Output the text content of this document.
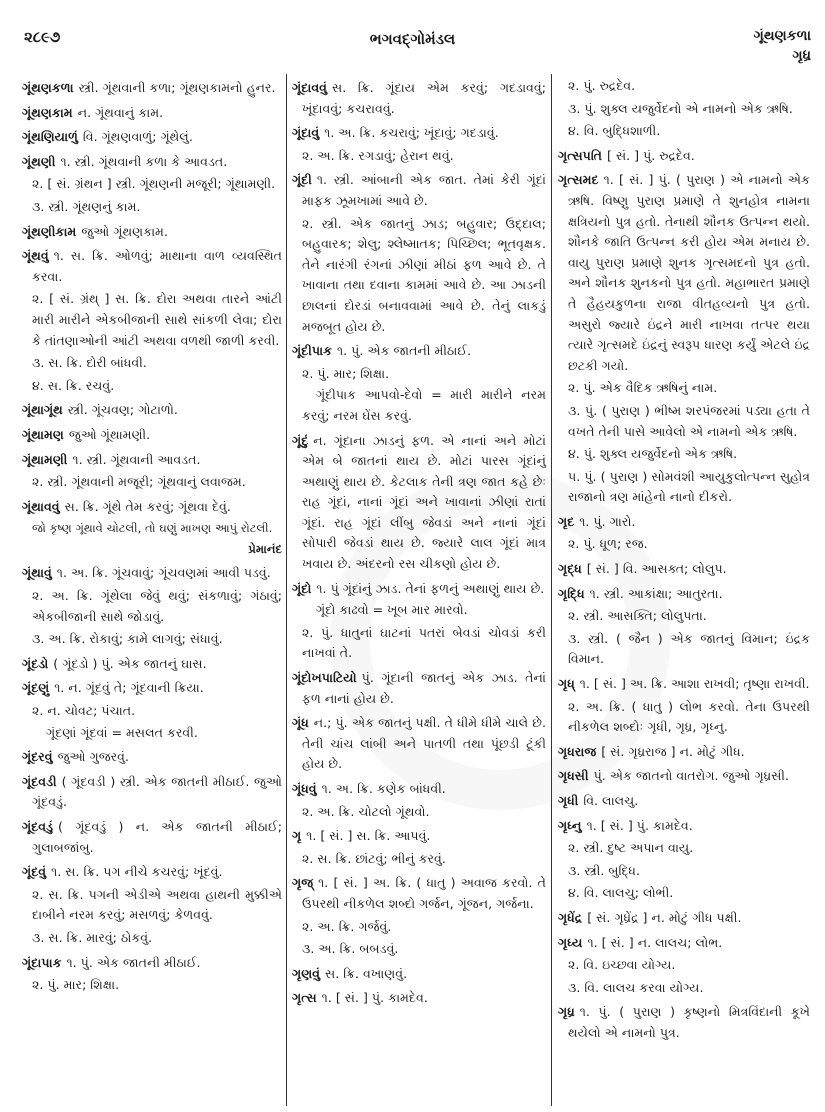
૨૮૯૭	ભગવદ્ગોમંડલ	ગૂંથણકળા
ગૃધ્ર
ગૂંથણકળા સ્ત્રી. ગૂંથવાની કળા; ગૂંથણકામનો હુનર.
ગૂંથણકામ ન. ગૂંથવાનું કામ.
ગૂંથણિયાળું વિ. ગૂંથણવાળું; ગૂંથેલું.
ગૂંથણી ૧. સ્ત્રી. ગૂંથવાની કળા કે આવડત.
૨. [ સં. ગ્રંથન ] સ્ત્રી. ગૂંથણની મજૂરી; ગૂંથામણી.
૩. સ્ત્રી. ગૂંથણનું કામ.
ગૂંથણીકામ જુઓ ગૂંથણકામ.
ગૂંથવું ૧. સ. ક્રિ. ઓળવું; માથાના વાળ વ્યવસ્થિત કરવા.
૨. [ સં. ગ્રંથ્ ] સ. ક્રિ. દોરા અથવા તારને આંટી મારી મારીને એકબીજાની સાથે સાંકળી લેવા; દોરા કે તાંતણાઓની આંટી અથવા વળથી જાળી કરવી.
૩. સ. ક્રિ. દોરી બાંધવી.
૪. સ. ક્રિ. રચવું.
ગૂંથાગૂંથ સ્ત્રી. ગૂંચવણ; ગોટાળો.
ગૂંથામણ જુઓ ગૂંથામણી.
ગૂંથામણી ૧. સ્ત્રી. ગૂંથવાની આવડત.
૨. સ્ત્રી. ગૂંથવાની મજૂરી; ગૂંથવાનું લવાજમ.
ગૂંથાવવું સ. ક્રિ. ગૂંથે તેમ કરવું; ગૂંથવા દેવું.
જો કૃષ્ણ ગૂંથાવે ચોટલી, તો ઘણું માખણ આપું રોટલી.
પ્રેમાનંદ
ગૂંથાવું ૧. અ. ક્રિ. ગૂંચવાવું; ગૂંચવણમાં આવી પડવું.
૨. અ. ક્રિ. ગૂંથેલા જેવું થવું; સંકળાવું; ગંઠાવું; એકબીજાની સાથે જોડાવું.
૩. અ. ક્રિ. રોકાવું; કામે લાગવું; સંધાવું.
ગૂંદડો ( ગૂંદડો ) પું. એક જાતનું ઘાસ.
ગૂંદણું ૧. ન. ગૂંદવું તે; ગૂંદવાની ક્રિયા.
૨. ન. ચોવટ; પંચાત.
ગૂંદણાં ગૂંદવાં = મસલત કરવી.
ગૂંદરવું જુઓ ગુજરવું.
ગૂંદવડી ( ગૂંદવડી ) સ્ત્રી. એક જાતની મીઠાઈ. જુઓ ગૂંદવડું.
ગૂંદવડું ( ગૂંદવડું ) ન. એક જાતની મીઠાઈ; ગુલાબજાંબુ.
ગૂંદવું ૧. સ. ક્રિ. પગ નીચે કચરવું; ખૂંદવું.
૨. સ. ક્રિ. પગની એડીએ અથવા હાથની મુક્કીએ દાબીને નરમ કરવું; મસળવું; કેળવવું.
૩. સ. ક્રિ. મારવું; ઠોકવું.
ગૂંદાપાક ૧. પું. એક જાતની મીઠાઈ.
૨. પું. માર; શિક્ષા.
ગૂંદાવવું સ. ક્રિ. ગૂંદાય એમ કરવું; ગદડાવવું; ખૂંદાવવું; કચરાવવું.
ગૂંદાવું ૧. અ. ક્રિ. કચરાવું; ખૂંદાવું; ગદડાવું.
૨. અ. ક્રિ. રગડાવું; હેરાન થવું.
ગૂંદી ૧. સ્ત્રી. આંબાની એક જાત. તેમાં કેરી ગૂંદાં માફક ઝૂમખામાં આવે છે.
૨. સ્ત્રી. એક જાતનું ઝાડ; બહુવાર; ઉદ્દાલ; બહુવારક; શેલુ; શ્લેષ્માતક; પિચ્છિલ; ભૂતવૃક્ષક. તેને નારંગી રંગનાં ઝીણાં મીઠાં ફળ આવે છે. તે ખાવાના તથા દવાના કામમાં આવે છે. આ ઝાડની છાલનાં દોરડાં બનાવવામાં આવે છે. તેનું લાકડું મજબૂત હોય છે.
ગૂંદીપાક ૧. પું. એક જાતની મીઠાઈ.
૨. પું. માર; શિક્ષા.
ગૂંદીપાક આપવો-દેવો = મારી મારીને નરમ કરવું; નરમ ઘેંસ કરવું.
ગૂંદું ન. ગૂંદાના ઝાડનું ફળ. એ નાનાં અને મોટાં એમ બે જાતનાં થાય છે. મોટાં પારસ ગૂંદાંનું અથાણું થાય છે. કેટલાક તેની ત્રણ જાત કહે છેઃ રાહ ગૂંદાં, નાનાં ગૂંદાં અને ખાવાનાં ઝીણાં રાતાં ગૂંદાં. રાહ ગૂંદાં લીંબુ જેવડાં અને નાનાં ગૂંદાં સોપારી જેવડાં થાય છે. જ્યારે લાલ ગૂંદાં માત્ર ખવાય છે. અંદરનો રસ ચીકણો હોય છે.
ગૂંદો ૧. પું ગૂંદાંનું ઝાડ. તેનાં ફળનું અથાણું થાય છે.
ગૂંદો કાઢવો = ખૂબ માર મારવો.
૨. પું. ધાતુનાં ઘાટનાં પતરાં બેવડાં ચોવડાં કરી નાખવાં તે.
ગૂંદોખપાટિયો પું. ગૂંદાની જાતનું એક ઝાડ. તેનાં ફળ નાનાં હોય છે.
ગૂંધ ન.; પું. એક જાતનું પક્ષી. તે ધીમે ધીમે ચાલે છે. તેની ચાંચ લાંબી અને પાતળી તથા પૂંછડી ટૂંકી હોય છે.
ગૂંધવું ૧. અ. ક્રિ. કણેક બાંધવી.
૨. અ. ક્રિ. ચોટલો ગૂંથવો.
ગૃ ૧. [ સં. ] સ. ક્રિ. આપવું.
૨. સ. ક્રિ. છાંટવું; ભીનું કરવું.
ગૃજ્ ૧. [ સં. ] અ. ક્રિ. ( ધાતુ ) અવાજ કરવો. તે ઉપરથી નીકળેલ શબ્દો ગર્જન, ગૂંજન, ગર્જના.
૨. અ. ક્રિ. ગર્જવું.
૩. અ. ક્રિ. બબડવું.
ગૃણવું સ. ક્રિ. વખાણવું.
ગૃત્સ ૧. [ સં. ] પું. કામદેવ.
૨. પું. રુદ્રદેવ.
૩. પું. શુક્લ યજુર્વેદનો એ નામનો એક ઋષિ.
૪. વિ. બુદ્ધિશાળી.
ગૃત્સપતિ [ સં. ] પું. રુદ્રદેવ.
ગૃત્સમદ ૧. [ સં. ] પું. ( પુરાણ ) એ નામનો એક ઋષિ. વિષ્ણુ પુરાણ પ્રમાણે તે શુનહોત્ર નામના ક્ષત્રિયનો પુત્ર હતો. તેનાથી શૌનક ઉત્પન્ન થયો. શૌનકે જાતિ ઉત્પન્ન કરી હોય એમ મનાય છે. વાયુ પુરાણ પ્રમાણે શુનક ગૃત્સમદનો પુત્ર હતો. અને શૌનક શુનકનો પુત્ર હતો. મહાભારત પ્રમાણે તે હૈહયકુળના રાજા વીતહવ્યનો પુત્ર હતો. અસુરો જ્યારે ઇંદ્રને મારી નાખવા તત્પર થયા ત્યારે ગૃત્સમદે ઇંદ્રનું સ્વરૂપ ધારણ કર્યું એટલે ઇંદ્ર છટકી ગયો.
૨. પું. એક વૈદિક ઋષિનું નામ.
૩. પું. ( પુરાણ ) ભીષ્મ શરપંજરમાં પડ્યા હતા તે વખતે તેની પાસે આવેલો એ નામનો એક ઋષિ.
૪. પું. શુક્લ યજુર્વેદનો એક ઋષિ.
૫. પું. ( પુરાણ ) સોમવંશી આયુકુલોત્પન્ન સુહોત્ર રાજાનો ત્રણ માંહેનો નાનો દીકરો.
ગૃદ ૧. પું. ગારો.
૨. પું. ધૂળ; રજ.
ગૃદ્ધ [ સં. ] વિ. આસક્ત; લોલુપ.
ગૃદ્ધિ ૧. સ્ત્રી. આકાંક્ષા; આતુરતા.
૨. સ્ત્રી. આસક્તિ; લોલુપતા.
૩. સ્ત્રી. ( જૈન ) એક જાતનું વિમાન; ઇંદ્રક વિમાન.
ગૃધ્ ૧. [ સં. ] અ. ક્રિ. આશા રાખવી; તૃષ્ણા રાખવી.
૨. અ. ક્રિ. ( ધાતુ ) લોભ કરવો. તેના ઉપરથી નીકળેલ શબ્દોઃ ગૃધી, ગૃધ્ર, ગૃધ્નુ.
ગૃધરાજ [ સં. ગૃધ્રરાજ ] ન. મોટું ગીધ.
ગૃધસી પું. એક જાતનો વાતરોગ. જુઓ ગૃધ્રસી.
ગૃધી વિ. લાલચુ.
ગૃધ્નુ ૧. [ સં. ] પું. કામદેવ.
૨. સ્ત્રી. દુષ્ટ અપાન વાયુ.
૩. સ્ત્રી. બુદ્ધિ.
૪. વિ. લાલચુ; લોભી.
ગૃધેંદ્ર [ સં. ગૃધ્રેંદ્ર ] ન. મોટું ગીધ પક્ષી.
ગૃધ્ય ૧. [ સં. ] ન. લાલચ; લોભ.
૨. વિ. ઇચ્છવા યોગ્ય.
૩. વિ. લાલચ કરવા યોગ્ય.
ગૃધ્ર ૧. પું. ( પુરાણ ) કૃષ્ણનો મિત્રવિંદાની કૂખે થયેલો એ નામનો પુત્ર.
